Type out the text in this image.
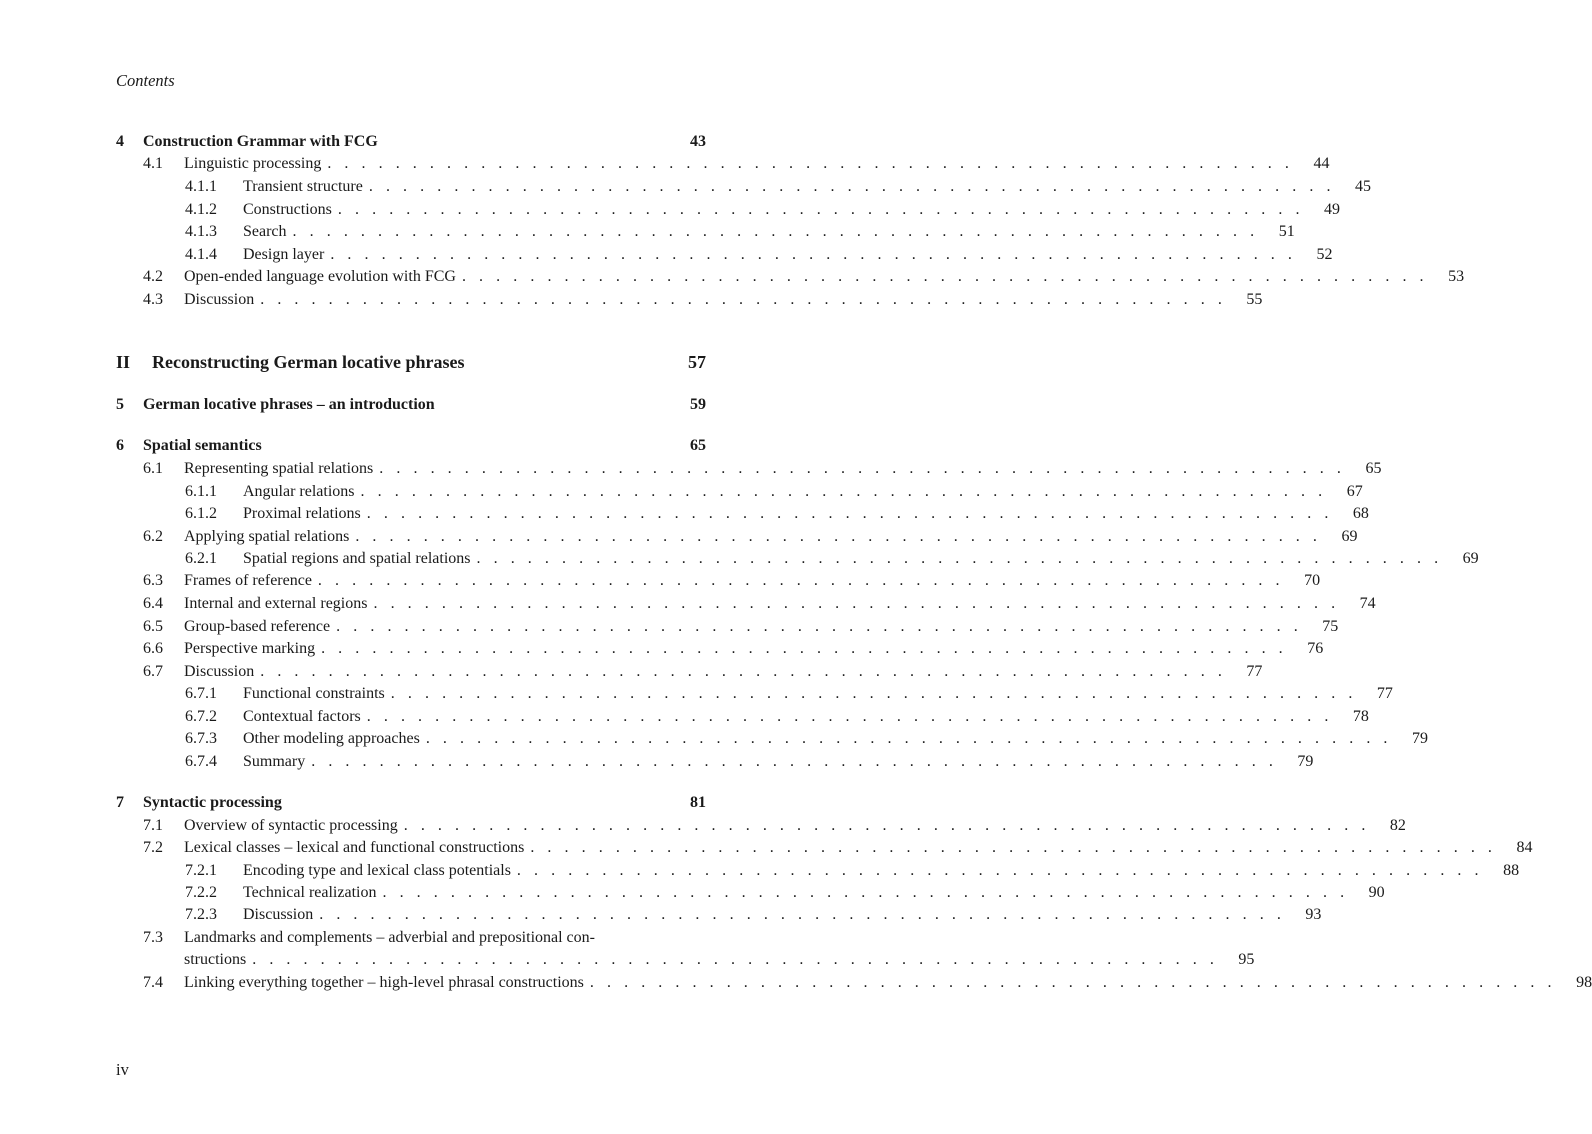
Contents
4	Construction Grammar with FCG	43
4.1	Linguistic processing . . . . . . . . . . . . . . . . . . . . . . . . . . . . . . . . . . . . . . . . . . . . . . . . . . . . . . . . .	44
4.1.1	Transient structure . . . . . . . . . . . . . . . . . . . . . . . . . . . . . . . . . . . . . . . . . . . . . . . . . . . . . . . . .	45
4.1.2	Constructions . . . . . . . . . . . . . . . . . . . . . . . . . . . . . . . . . . . . . . . . . . . . . . . . . . . . . . . . .	49
4.1.3	Search . . . . . . . . . . . . . . . . . . . . . . . . . . . . . . . . . . . . . . . . . . . . . . . . . . . . . . . . .	51
4.1.4	Design layer . . . . . . . . . . . . . . . . . . . . . . . . . . . . . . . . . . . . . . . . . . . . . . . . . . . . . . . . .	52
4.2	Open-ended language evolution with FCG . . . . . . . . . . . . . . . . . . . . . . . . . . . . . . . . . . . . . . . . . . . . . . . . . . . . . . . . .	53
4.3	Discussion . . . . . . . . . . . . . . . . . . . . . . . . . . . . . . . . . . . . . . . . . . . . . . . . . . . . . . . . .	55
II	Reconstructing German locative phrases	57
5	German locative phrases – an introduction	59
6	Spatial semantics	65
6.1	Representing spatial relations . . . . . . . . . . . . . . . . . . . . . . . . . . . . . . . . . . . . . . . . . . . . . . . . . . . . . . . . .	65
6.1.1	Angular relations . . . . . . . . . . . . . . . . . . . . . . . . . . . . . . . . . . . . . . . . . . . . . . . . . . . . . . . . .	67
6.1.2	Proximal relations . . . . . . . . . . . . . . . . . . . . . . . . . . . . . . . . . . . . . . . . . . . . . . . . . . . . . . . . .	68
6.2	Applying spatial relations . . . . . . . . . . . . . . . . . . . . . . . . . . . . . . . . . . . . . . . . . . . . . . . . . . . . . . . . .	69
6.2.1	Spatial regions and spatial relations . . . . . . . . . . . . . . . . . . . . . . . . . . . . . . . . . . . . . . . . . . . . . . . . . . . . . . . . .	69
6.3	Frames of reference . . . . . . . . . . . . . . . . . . . . . . . . . . . . . . . . . . . . . . . . . . . . . . . . . . . . . . . . .	70
6.4	Internal and external regions . . . . . . . . . . . . . . . . . . . . . . . . . . . . . . . . . . . . . . . . . . . . . . . . . . . . . . . . .	74
6.5	Group-based reference . . . . . . . . . . . . . . . . . . . . . . . . . . . . . . . . . . . . . . . . . . . . . . . . . . . . . . . . .	75
6.6	Perspective marking . . . . . . . . . . . . . . . . . . . . . . . . . . . . . . . . . . . . . . . . . . . . . . . . . . . . . . . . .	76
6.7	Discussion . . . . . . . . . . . . . . . . . . . . . . . . . . . . . . . . . . . . . . . . . . . . . . . . . . . . . . . . .	77
6.7.1	Functional constraints . . . . . . . . . . . . . . . . . . . . . . . . . . . . . . . . . . . . . . . . . . . . . . . . . . . . . . . . .	77
6.7.2	Contextual factors . . . . . . . . . . . . . . . . . . . . . . . . . . . . . . . . . . . . . . . . . . . . . . . . . . . . . . . . .	78
6.7.3	Other modeling approaches . . . . . . . . . . . . . . . . . . . . . . . . . . . . . . . . . . . . . . . . . . . . . . . . . . . . . . . . .	79
6.7.4	Summary . . . . . . . . . . . . . . . . . . . . . . . . . . . . . . . . . . . . . . . . . . . . . . . . . . . . . . . . .	79
7	Syntactic processing	81
7.1	Overview of syntactic processing . . . . . . . . . . . . . . . . . . . . . . . . . . . . . . . . . . . . . . . . . . . . . . . . . . . . . . . . .	82
7.2	Lexical classes – lexical and functional constructions . . . . . . . . . . . . . . . . . . . . . . . . . . . . . . . . . . . . . . . . . . . . . . . . . . . . . . . . .	84
7.2.1	Encoding type and lexical class potentials . . . . . . . . . . . . . . . . . . . . . . . . . . . . . . . . . . . . . . . . . . . . . . . . . . . . . . . . .	88
7.2.2	Technical realization . . . . . . . . . . . . . . . . . . . . . . . . . . . . . . . . . . . . . . . . . . . . . . . . . . . . . . . . .	90
7.2.3	Discussion . . . . . . . . . . . . . . . . . . . . . . . . . . . . . . . . . . . . . . . . . . . . . . . . . . . . . . . . .	93
7.3	Landmarks and complements – adverbial and prepositional con-
structions . . . . . . . . . . . . . . . . . . . . . . . . . . . . . . . . . . . . . . . . . . . . . . . . . . . . . . . . .	95
7.4	Linking everything together – high-level phrasal constructions . . . . . . . . . . . . . . . . . . . . . . . . . . . . . . . . . . . . . . . . . . . . . . . . . . . . . . . . .	98
iv
